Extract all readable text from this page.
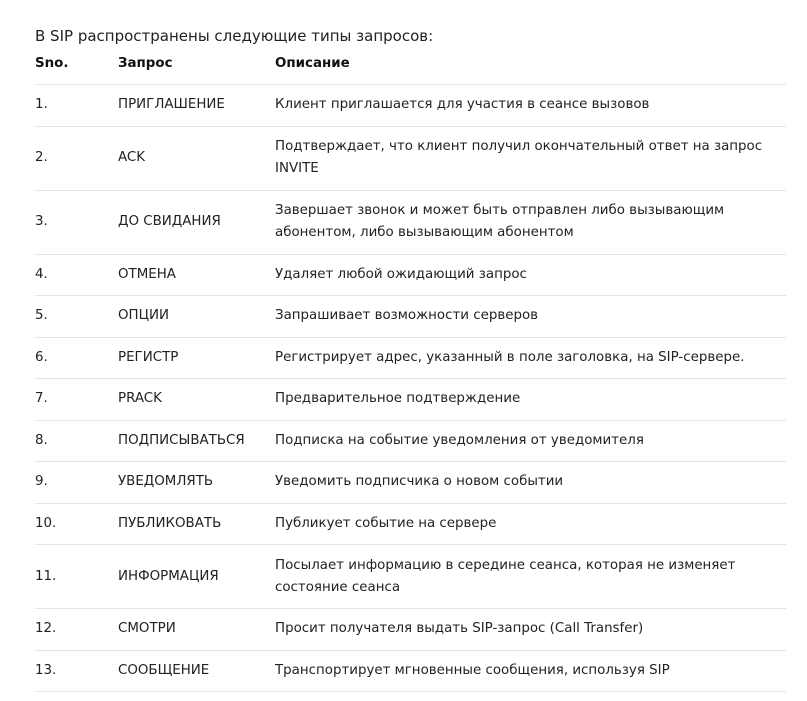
В SIP распространены следующие типы запросов:

Sno.	Запрос	Описание
1.	ПРИГЛАШЕНИЕ	Клиент приглашается для участия в сеансе вызовов
2.	ACK	Подтверждает, что клиент получил окончательный ответ на запрос INVITE
3.	ДО СВИДАНИЯ	Завершает звонок и может быть отправлен либо вызывающим абонентом, либо вызывающим абонентом
4.	ОТМЕНА	Удаляет любой ожидающий запрос
5.	ОПЦИИ	Запрашивает возможности серверов
6.	РЕГИСТР	Регистрирует адрес, указанный в поле заголовка, на SIP-сервере.
7.	PRACK	Предварительное подтверждение
8.	ПОДПИСЫВАТЬСЯ	Подписка на событие уведомления от уведомителя
9.	УВЕДОМЛЯТЬ	Уведомить подписчика о новом событии
10.	ПУБЛИКОВАТЬ	Публикует событие на сервере
11.	ИНФОРМАЦИЯ	Посылает информацию в середине сеанса, которая не изменяет состояние сеанса
12.	СМОТРИ	Просит получателя выдать SIP-запрос (Call Transfer)
13.	СООБЩЕНИЕ	Транспортирует мгновенные сообщения, используя SIP
